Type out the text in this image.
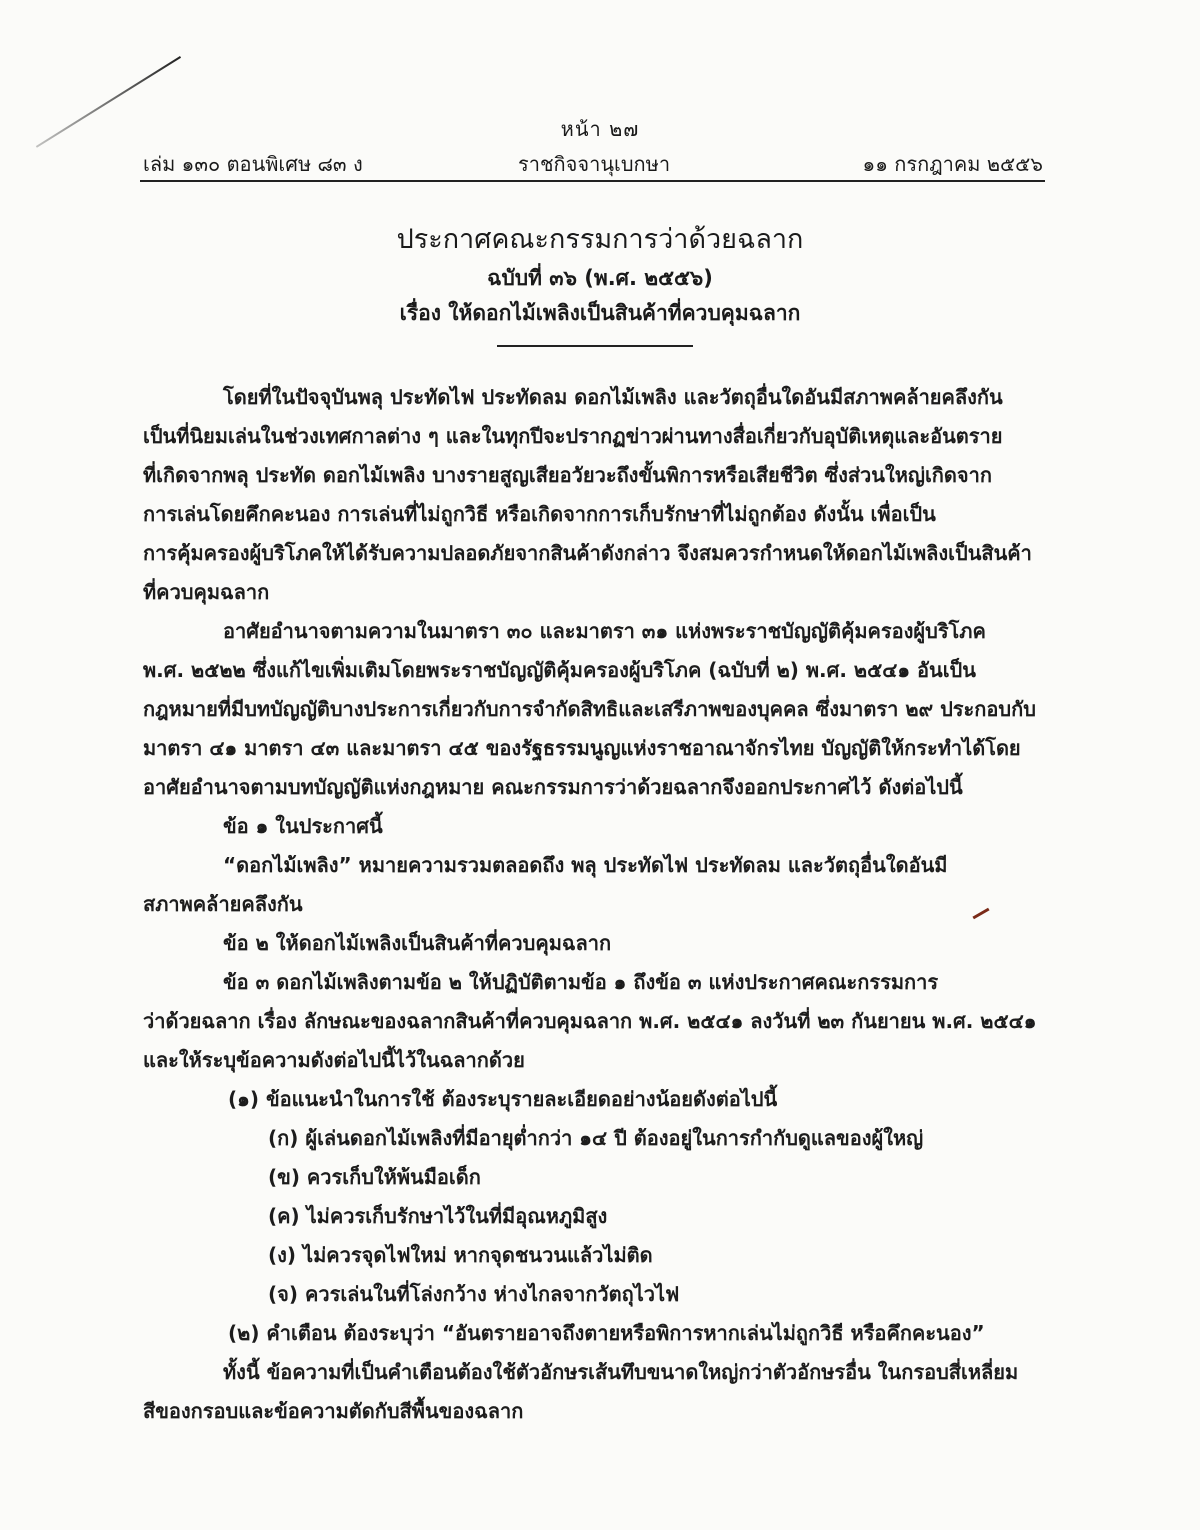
หน้า ๒๗
เล่ม ๑๓๐ ตอนพิเศษ ๘๓ ง	ราชกิจจานุเบกษา	๑๑ กรกฎาคม ๒๕๕๖
ประกาศคณะกรรมการว่าด้วยฉลาก
ฉบับที่ ๓๖ (พ.ศ. ๒๕๕๖)
เรื่อง ให้ดอกไม้เพลิงเป็นสินค้าที่ควบคุมฉลาก
โดยที่ในปัจจุบันพลุ ประทัดไฟ ประทัดลม ดอกไม้เพลิง และวัตถุอื่นใดอันมีสภาพคล้ายคลึงกัน
เป็นที่นิยมเล่นในช่วงเทศกาลต่าง ๆ และในทุกปีจะปรากฏข่าวผ่านทางสื่อเกี่ยวกับอุบัติเหตุและอันตราย
ที่เกิดจากพลุ ประทัด ดอกไม้เพลิง บางรายสูญเสียอวัยวะถึงขั้นพิการหรือเสียชีวิต ซึ่งส่วนใหญ่เกิดจาก
การเล่นโดยคึกคะนอง การเล่นที่ไม่ถูกวิธี หรือเกิดจากการเก็บรักษาที่ไม่ถูกต้อง ดังนั้น เพื่อเป็น
การคุ้มครองผู้บริโภคให้ได้รับความปลอดภัยจากสินค้าดังกล่าว จึงสมควรกำหนดให้ดอกไม้เพลิงเป็นสินค้า
ที่ควบคุมฉลาก
อาศัยอำนาจตามความในมาตรา ๓๐ และมาตรา ๓๑ แห่งพระราชบัญญัติคุ้มครองผู้บริโภค
พ.ศ. ๒๕๒๒ ซึ่งแก้ไขเพิ่มเติมโดยพระราชบัญญัติคุ้มครองผู้บริโภค (ฉบับที่ ๒) พ.ศ. ๒๕๔๑ อันเป็น
กฎหมายที่มีบทบัญญัติบางประการเกี่ยวกับการจำกัดสิทธิและเสรีภาพของบุคคล ซึ่งมาตรา ๒๙ ประกอบกับ
มาตรา ๔๑ มาตรา ๔๓ และมาตรา ๔๕ ของรัฐธรรมนูญแห่งราชอาณาจักรไทย บัญญัติให้กระทำได้โดย
อาศัยอำนาจตามบทบัญญัติแห่งกฎหมาย คณะกรรมการว่าด้วยฉลากจึงออกประกาศไว้ ดังต่อไปนี้
ข้อ ๑ ในประกาศนี้
“ดอกไม้เพลิง” หมายความรวมตลอดถึง พลุ ประทัดไฟ ประทัดลม และวัตถุอื่นใดอันมี
สภาพคล้ายคลึงกัน
ข้อ ๒ ให้ดอกไม้เพลิงเป็นสินค้าที่ควบคุมฉลาก
ข้อ ๓ ดอกไม้เพลิงตามข้อ ๒ ให้ปฏิบัติตามข้อ ๑ ถึงข้อ ๓ แห่งประกาศคณะกรรมการ
ว่าด้วยฉลาก เรื่อง ลักษณะของฉลากสินค้าที่ควบคุมฉลาก พ.ศ. ๒๕๔๑ ลงวันที่ ๒๓ กันยายน พ.ศ. ๒๕๔๑
และให้ระบุข้อความดังต่อไปนี้ไว้ในฉลากด้วย
(๑) ข้อแนะนำในการใช้ ต้องระบุรายละเอียดอย่างน้อยดังต่อไปนี้
(ก) ผู้เล่นดอกไม้เพลิงที่มีอายุต่ำกว่า ๑๔ ปี ต้องอยู่ในการกำกับดูแลของผู้ใหญ่
(ข) ควรเก็บให้พ้นมือเด็ก
(ค) ไม่ควรเก็บรักษาไว้ในที่มีอุณหภูมิสูง
(ง) ไม่ควรจุดไฟใหม่ หากจุดชนวนแล้วไม่ติด
(จ) ควรเล่นในที่โล่งกว้าง ห่างไกลจากวัตถุไวไฟ
(๒) คำเตือน ต้องระบุว่า “อันตรายอาจถึงตายหรือพิการหากเล่นไม่ถูกวิธี หรือคึกคะนอง”
ทั้งนี้ ข้อความที่เป็นคำเตือนต้องใช้ตัวอักษรเส้นทึบขนาดใหญ่กว่าตัวอักษรอื่น ในกรอบสี่เหลี่ยม
สีของกรอบและข้อความตัดกับสีพื้นของฉลาก
